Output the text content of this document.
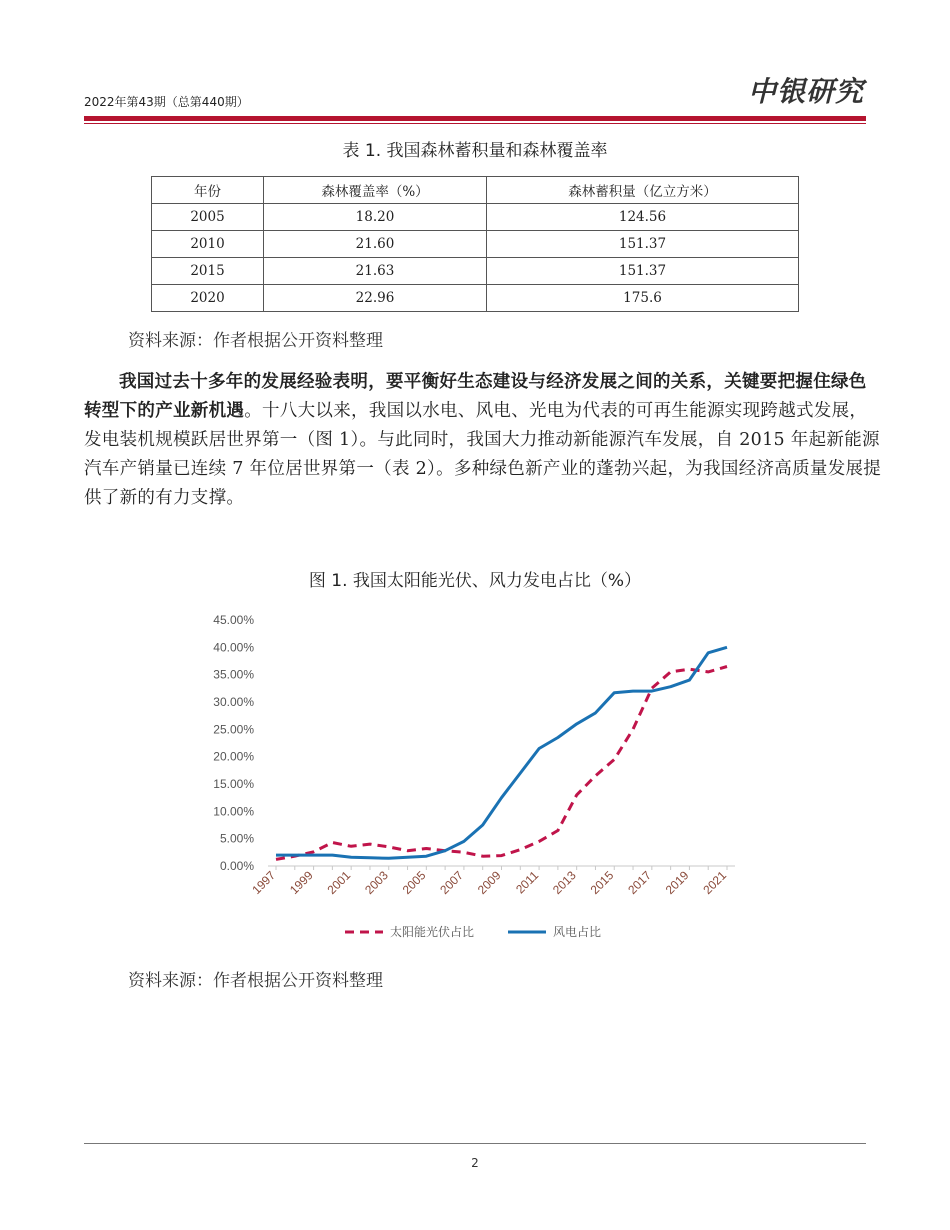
2022年第43期（总第440期）	中银研究
表 1. 我国森林蓄积量和森林覆盖率
年份	森林覆盖率（%）	森林蓄积量（亿立方米）
2005	18.20	124.56
2010	21.60	151.37
2015	21.63	151.37
2020	22.96	175.6
资料来源：作者根据公开资料整理
我国过去十多年的发展经验表明，要平衡好生态建设与经济发展之间的关系，关键要把握住绿色转型下的产业新机遇。十八大以来，我国以水电、风电、光电为代表的可再生能源实现跨越式发展，发电装机规模跃居世界第一（图 1）。与此同时，我国大力推动新能源汽车发展，自 2015 年起新能源汽车产销量已连续 7 年位居世界第一（表 2）。多种绿色新产业的蓬勃兴起，为我国经济高质量发展提供了新的有力支撑。
图 1. 我国太阳能光伏、风力发电占比（%）
0.00%
5.00%
10.00%
15.00%
20.00%
25.00%
30.00%
35.00%
40.00%
45.00%
1997 1999 2001 2003 2005 2007 2009 2011 2013 2015 2017 2019 2021
太阳能光伏占比	风电占比
资料来源：作者根据公开资料整理
2
